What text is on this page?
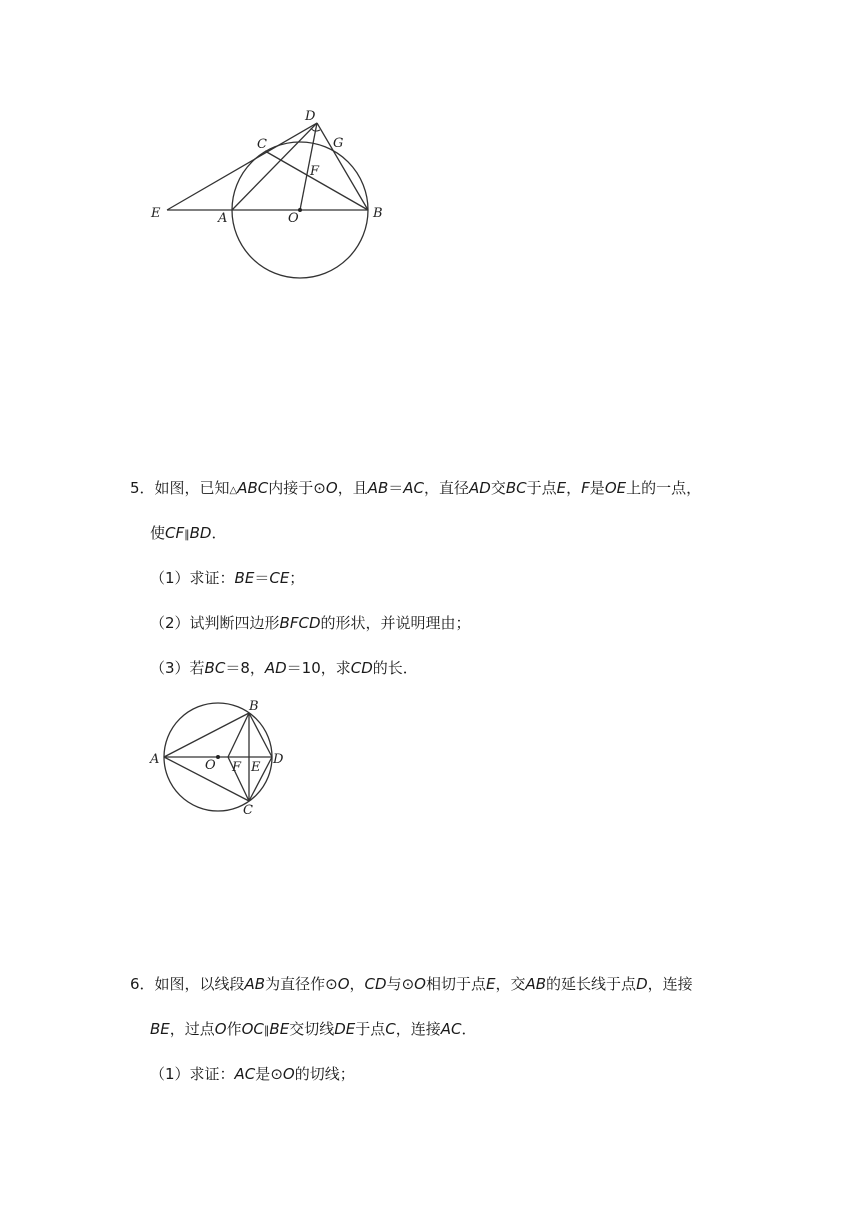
D
C	G
F
E	A	O	B
5．如图，已知△ABC内接于⊙O，且AB＝AC，直径AD交BC于点E，F是OE上的一点，
使CF∥BD．
（1）求证：BE＝CE；
（2）试判断四边形BFCD的形状，并说明理由；
（3）若BC＝8，AD＝10，求CD的长．
A
B
C
D
O F E
6．如图，以线段AB为直径作⊙O，CD与⊙O相切于点E，交AB的延长线于点D，连接
BE，过点O作OC∥BE交切线DE于点C，连接AC．
（1）求证：AC是⊙O的切线；
